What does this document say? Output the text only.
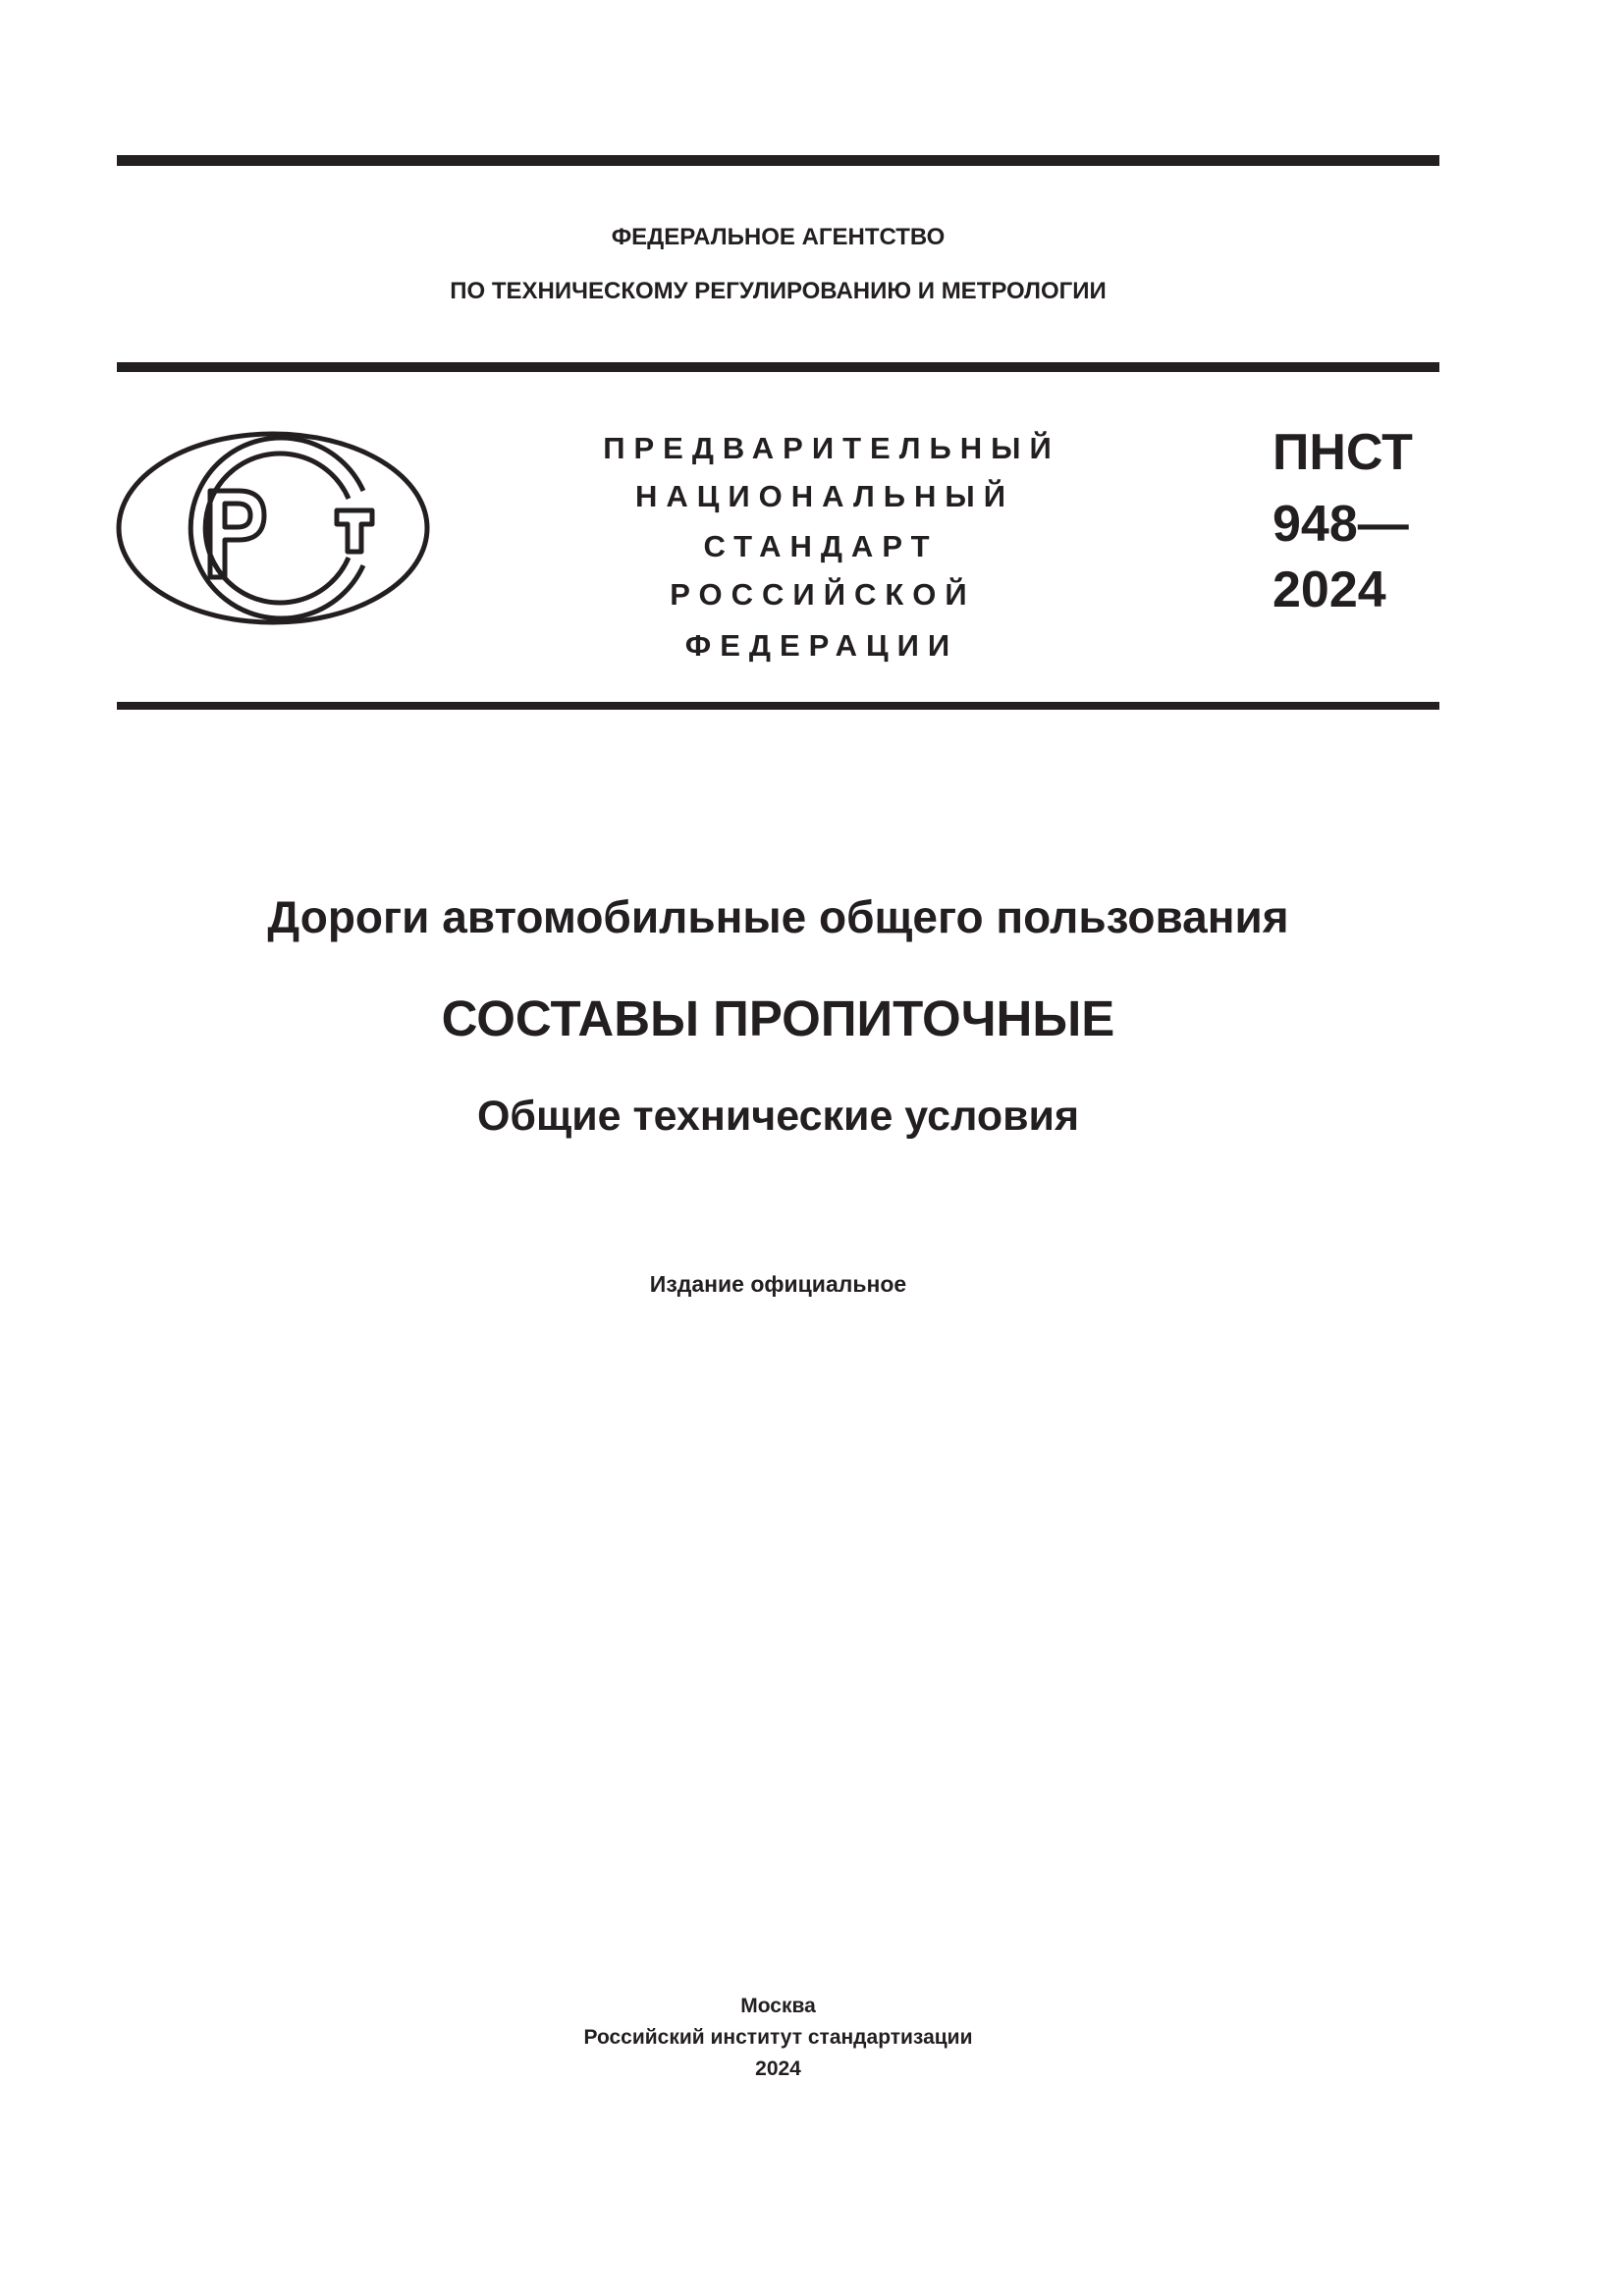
ФЕДЕРАЛЬНОЕ АГЕНТСТВО
ПО ТЕХНИЧЕСКОМУ РЕГУЛИРОВАНИЮ И МЕТРОЛОГИИ
ПРЕДВАРИТЕЛЬНЫЙ
НАЦИОНАЛЬНЫЙ
СТАНДАРТ
РОССИЙСКОЙ
ФЕДЕРАЦИИ
ПНСТ
948—
2024
Дороги автомобильные общего пользования
СОСТАВЫ ПРОПИТОЧНЫЕ
Общие технические условия
Издание официальное
Москва
Российский институт стандартизации
2024
